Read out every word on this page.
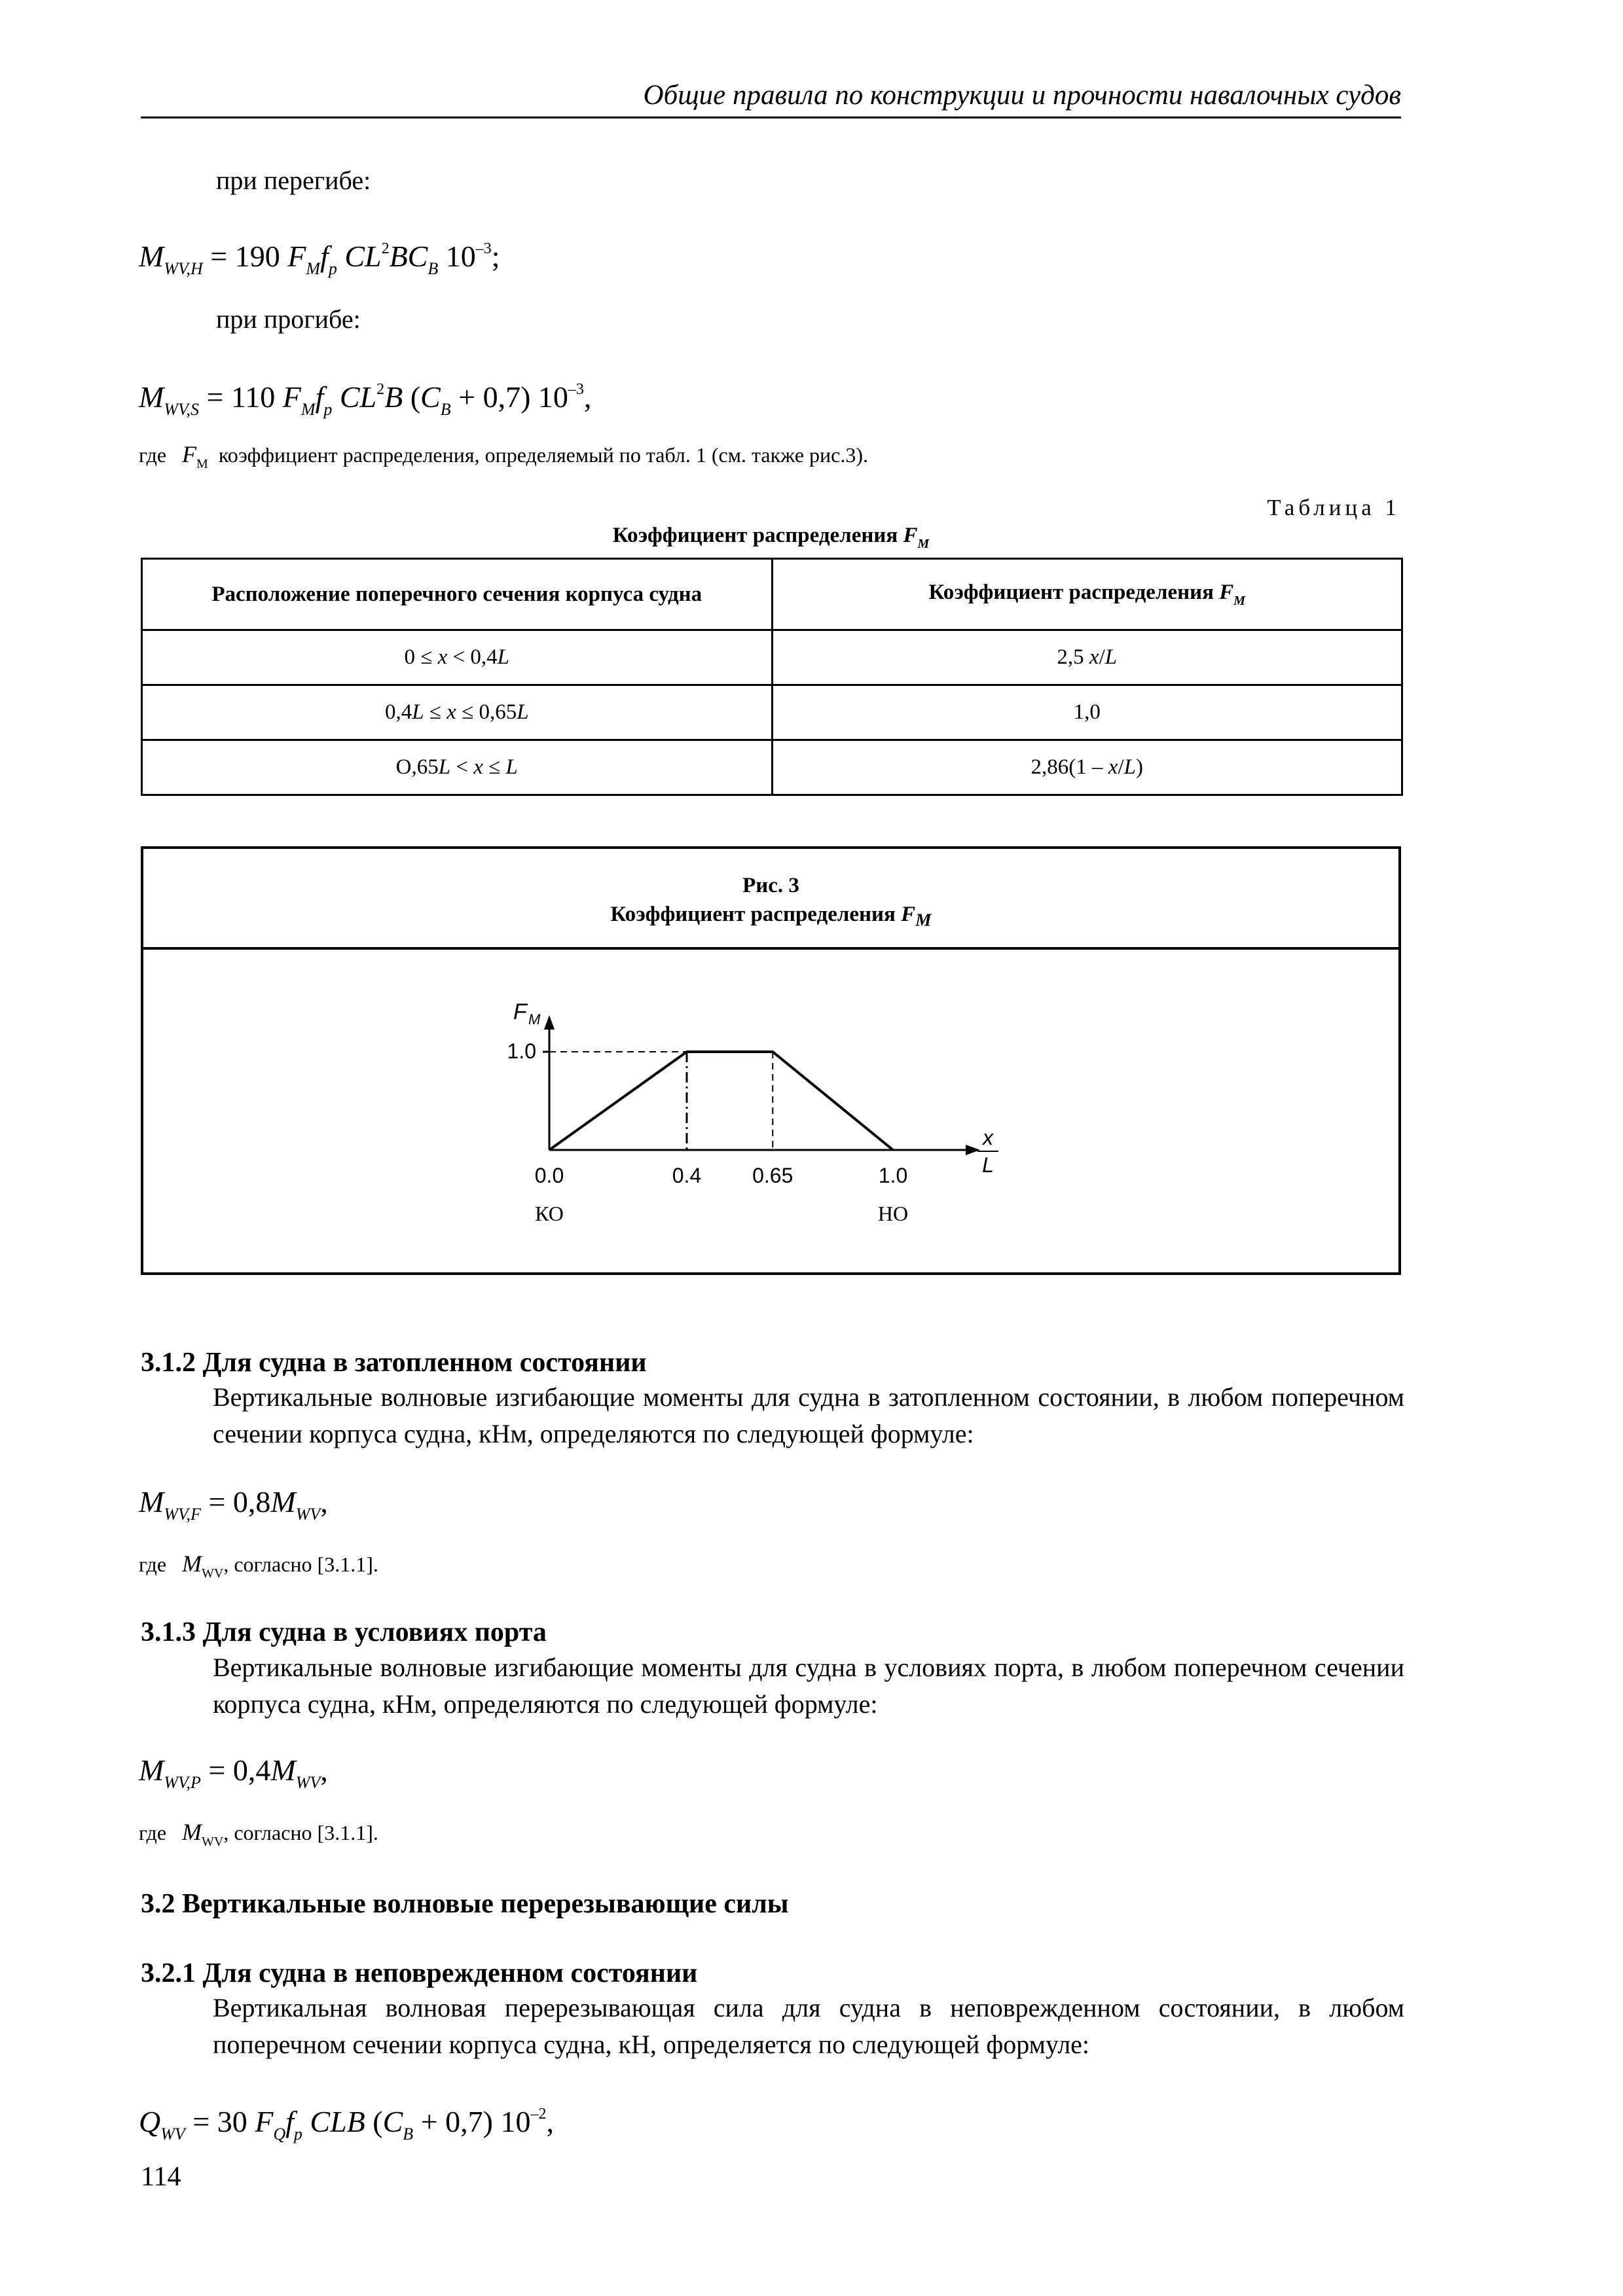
Общие правила по конструкции и прочности навалочных судов
при перегибе:
$M_{WV,H} = 190$ $F_Mf_p$ $CL^2BC_B$ $10^{-3}$;
при прогибе:
$M_{WV,S} = 110$ $F_Mf_p$ $CL^2B$ $(C_B + 0,7)$ $10^{-3}$,
где $F_M$ коэффициент распределения, определяемый по табл. 1 (см. также рис.3).
Таблица 1
Коэффициент распределения $F_M$
Расположение поперечного сечения корпуса судна	Коэффициент распределения $F_M$
0 ≤ x < 0,4L	2,5 x/L
0,4L ≤ x ≤ 0,65L	1,0
O,65L < x ≤ L	2,86(1 – x/L)
Рис. 3
Коэффициент распределения $F_M$
0.0	0.4 0.65	1.0
1.0
F M
x
L
КО	НО
3.1.2 Для судна в затопленном состоянии
Вертикальные волновые изгибающие моменты для судна в затопленном состоянии, в любом поперечном сечении корпуса судна, кНм, определяются по следующей формуле:
$M_{WV,F} = 0,8M_{WV}$,
где $M_{WV}$, согласно [3.1.1].
3.1.3 Для судна в условиях порта
Вертикальные волновые изгибающие моменты для судна в условиях порта, в любом поперечном сечении корпуса судна, кНм, определяются по следующей формуле:
$M_{WV,P} = 0,4M_{WV}$,
где $M_{WV}$, согласно [3.1.1].
3.2 Вертикальные волновые перерезывающие силы
3.2.1 Для судна в неповрежденном состоянии
Вертикальная волновая перерезывающая сила для судна в неповрежденном состоянии, в любом поперечном сечении корпуса судна, кН, определяется по следующей формуле:
$Q_{WV} = 30$ $F_Qf_p$ CLB $(C_B + 0,7)$ $10^{-2}$,
114
